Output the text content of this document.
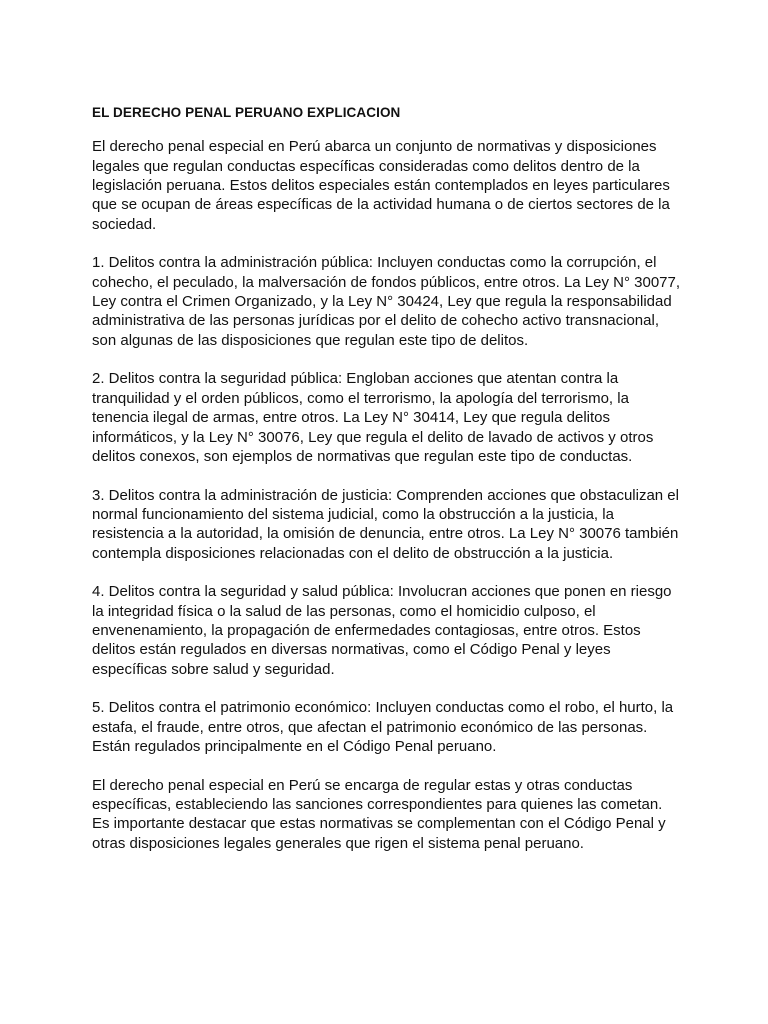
EL DERECHO PENAL PERUANO EXPLICACION

El derecho penal especial en Perú abarca un conjunto de normativas y disposiciones legales que regulan conductas específicas consideradas como delitos dentro de la legislación peruana. Estos delitos especiales están contemplados en leyes particulares que se ocupan de áreas específicas de la actividad humana o de ciertos sectores de la sociedad.

1. Delitos contra la administración pública: Incluyen conductas como la corrupción, el cohecho, el peculado, la malversación de fondos públicos, entre otros. La Ley N° 30077, Ley contra el Crimen Organizado, y la Ley N° 30424, Ley que regula la responsabilidad administrativa de las personas jurídicas por el delito de cohecho activo transnacional, son algunas de las disposiciones que regulan este tipo de delitos.

2. Delitos contra la seguridad pública: Engloban acciones que atentan contra la tranquilidad y el orden públicos, como el terrorismo, la apología del terrorismo, la tenencia ilegal de armas, entre otros. La Ley N° 30414, Ley que regula delitos informáticos, y la Ley N° 30076, Ley que regula el delito de lavado de activos y otros delitos conexos, son ejemplos de normativas que regulan este tipo de conductas.

3. Delitos contra la administración de justicia: Comprenden acciones que obstaculizan el normal funcionamiento del sistema judicial, como la obstrucción a la justicia, la resistencia a la autoridad, la omisión de denuncia, entre otros. La Ley N° 30076 también contempla disposiciones relacionadas con el delito de obstrucción a la justicia.

4. Delitos contra la seguridad y salud pública: Involucran acciones que ponen en riesgo la integridad física o la salud de las personas, como el homicidio culposo, el envenenamiento, la propagación de enfermedades contagiosas, entre otros. Estos delitos están regulados en diversas normativas, como el Código Penal y leyes específicas sobre salud y seguridad.

5. Delitos contra el patrimonio económico: Incluyen conductas como el robo, el hurto, la estafa, el fraude, entre otros, que afectan el patrimonio económico de las personas. Están regulados principalmente en el Código Penal peruano.

El derecho penal especial en Perú se encarga de regular estas y otras conductas específicas, estableciendo las sanciones correspondientes para quienes las cometan. Es importante destacar que estas normativas se complementan con el Código Penal y otras disposiciones legales generales que rigen el sistema penal peruano.
